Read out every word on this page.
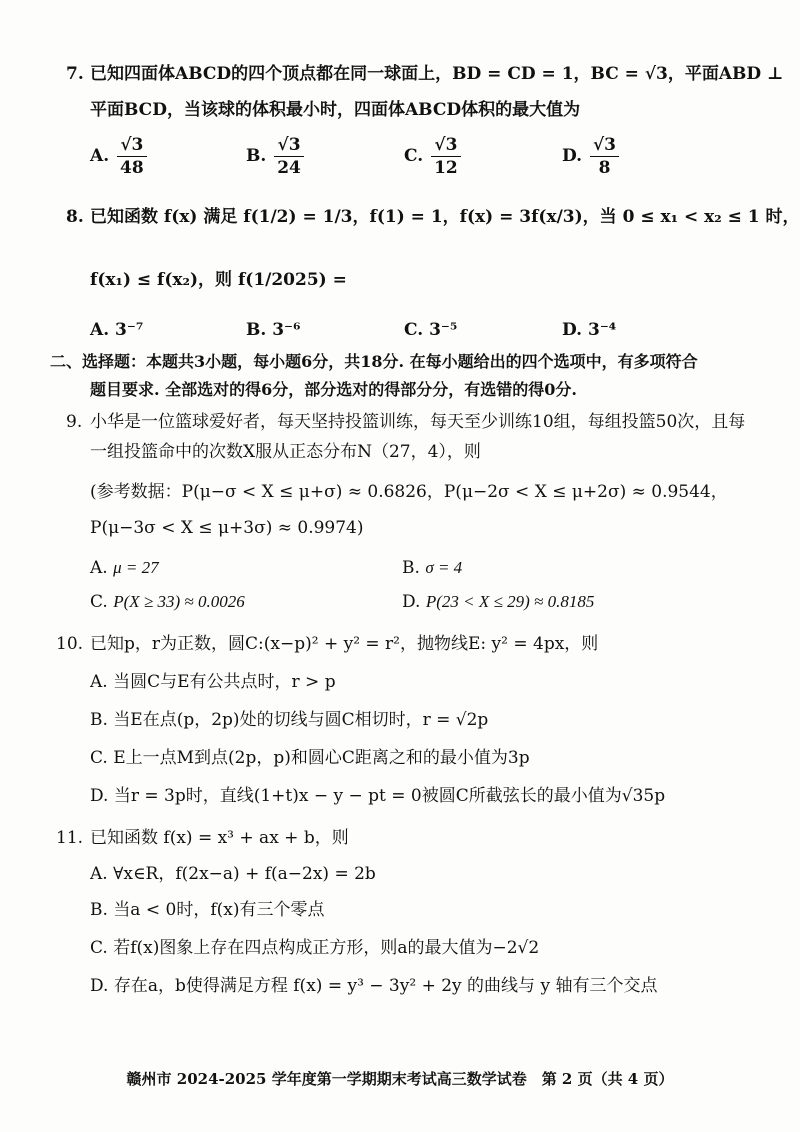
7. 已知四面体ABCD的四个顶点都在同一球面上，BD = CD = 1，BC = √3，平面ABD ⊥
平面BCD，当该球的体积最小时，四面体ABCD体积的最大值为
A. $\frac{√3}{48}$	B. $\frac{√3}{24}$	C. $\frac{√3}{12}$	D. $\frac{√3}{8}$
8. 已知函数 f(x) 满足 f(1/2) = 1/3，f(1) = 1，f(x) = 3f(x/3)，当 0 ≤ x₁ < x₂ ≤ 1 时，
f(x₁) ≤ f(x₂)，则 f(1/2025) =
A. 3⁻⁷	B. 3⁻⁶	C. 3⁻⁵	D. 3⁻⁴
二、选择题：本题共3小题，每小题6分，共18分. 在每小题给出的四个选项中，有多项符合
题目要求. 全部选对的得6分，部分选对的得部分分，有选错的得0分.
9. 小华是一位篮球爱好者，每天坚持投篮训练，每天至少训练10组，每组投篮50次，且每
一组投篮命中的次数X服从正态分布N（27，4），则
(参考数据：P(μ−σ < X ≤ μ+σ) ≈ 0.6826，P(μ−2σ < X ≤ μ+2σ) ≈ 0.9544，
P(μ−3σ < X ≤ μ+3σ) ≈ 0.9974)
A. μ = 27	B. σ = 4
C. P(X ≥ 33) ≈ 0.0026	D. P(23 < X ≤ 29) ≈ 0.8185
10. 已知p，r为正数，圆C:(x−p)² + y² = r²，抛物线E: y² = 4px，则
A. 当圆C与E有公共点时，r > p
B. 当E在点(p，2p)处的切线与圆C相切时，r = √2p
C. E上一点M到点(2p，p)和圆心C距离之和的最小值为3p
D. 当r = 3p时，直线(1+t)x − y − pt = 0被圆C所截弦长的最小值为√35p
11. 已知函数 f(x) = x³ + ax + b，则
A. ∀x∈R，f(2x−a) + f(a−2x) = 2b
B. 当a < 0时，f(x)有三个零点
C. 若f(x)图象上存在四点构成正方形，则a的最大值为−2√2
D. 存在a，b使得满足方程 f(x) = y³ − 3y² + 2y 的曲线与 y 轴有三个交点
赣州市 2024-2025 学年度第一学期期末考试高三数学试卷　第 2 页（共 4 页）
